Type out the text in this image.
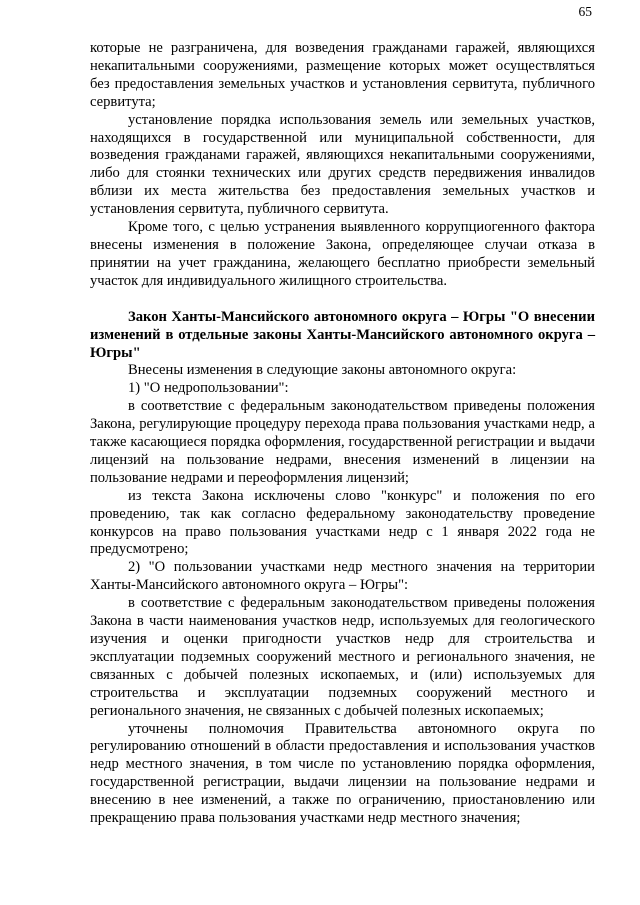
65

которые не разграничена, для возведения гражданами гаражей, являющихся некапитальными сооружениями, размещение которых может осуществляться без предоставления земельных участков и установления сервитута, публичного сервитута;

установление порядка использования земель или земельных участков, находящихся в государственной или муниципальной собственности, для возведения гражданами гаражей, являющихся некапитальными сооружениями, либо для стоянки технических или других средств передвижения инвалидов вблизи их места жительства без предоставления земельных участков и установления сервитута, публичного сервитута.

Кроме того, с целью устранения выявленного коррупциогенного фактора внесены изменения в положение Закона, определяющее случаи отказа в принятии на учет гражданина, желающего бесплатно приобрести земельный участок для индивидуального жилищного строительства.

Закон Ханты-Мансийского автономного округа – Югры "О внесении изменений в отдельные законы Ханты-Мансийского автономного округа – Югры"

Внесены изменения в следующие законы автономного округа:

1) "О недропользовании":

в соответствие с федеральным законодательством приведены положения Закона, регулирующие процедуру перехода права пользования участками недр, а также касающиеся порядка оформления, государственной регистрации и выдачи лицензий на пользование недрами, внесения изменений в лицензии на пользование недрами и переоформления лицензий;

из текста Закона исключены слово "конкурс" и положения по его проведению, так как согласно федеральному законодательству проведение конкурсов на право пользования участками недр с 1 января 2022 года не предусмотрено;

2) "О пользовании участками недр местного значения на территории Ханты-Мансийского автономного округа – Югры":

в соответствие с федеральным законодательством приведены положения Закона в части наименования участков недр, используемых для геологического изучения и оценки пригодности участков недр для строительства и эксплуатации подземных сооружений местного и регионального значения, не связанных с добычей полезных ископаемых, и (или) используемых для строительства и эксплуатации подземных сооружений местного и регионального значения, не связанных с добычей полезных ископаемых;

уточнены полномочия Правительства автономного округа по регулированию отношений в области предоставления и использования участков недр местного значения, в том числе по установлению порядка оформления, государственной регистрации, выдачи лицензии на пользование недрами и внесению в нее изменений, а также по ограничению, приостановлению или прекращению права пользования участками недр местного значения;
